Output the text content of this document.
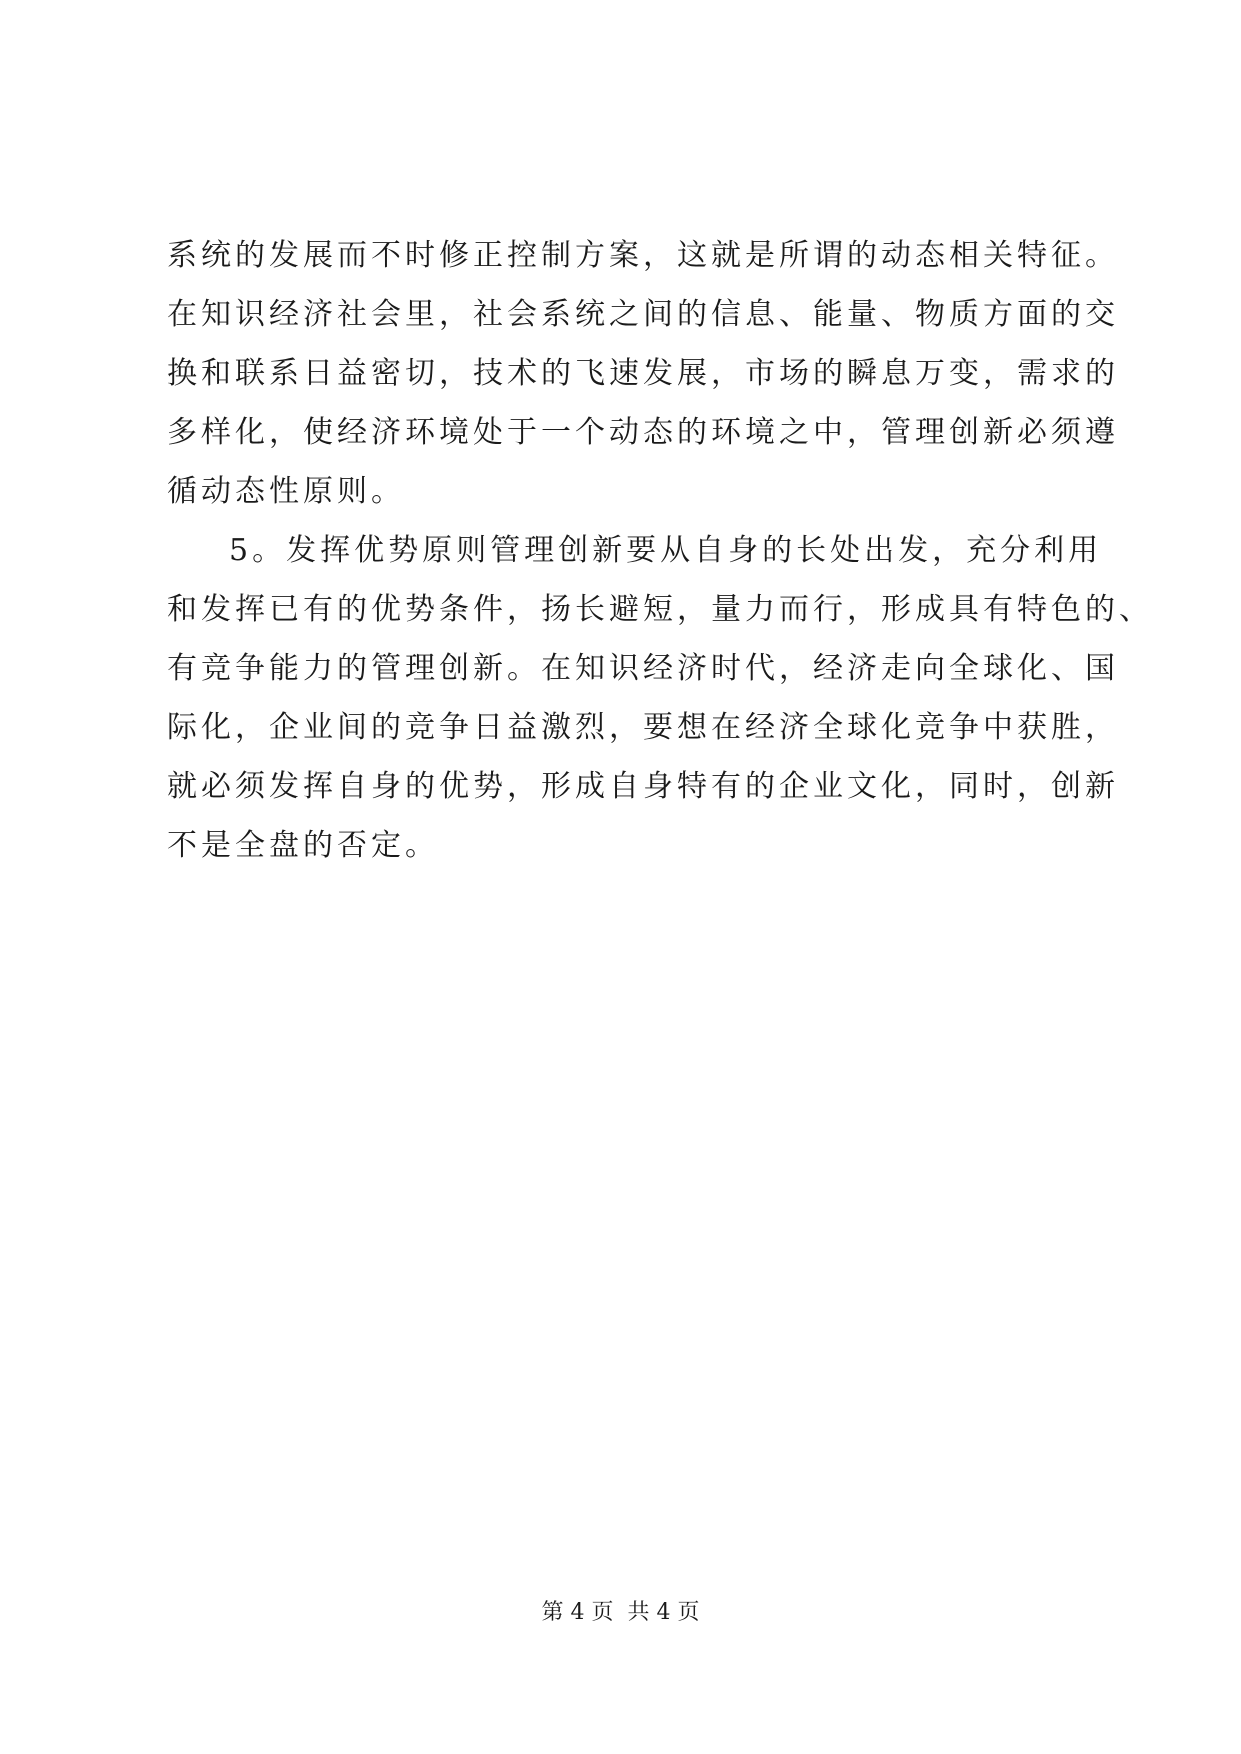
系统的发展而不时修正控制方案，这就是所谓的动态相关特征。
在知识经济社会里，社会系统之间的信息、能量、物质方面的交
换和联系日益密切，技术的飞速发展，市场的瞬息万变，需求的
多样化，使经济环境处于一个动态的环境之中，管理创新必须遵
循动态性原则。
5。发挥优势原则管理创新要从自身的长处出发，充分利用
和发挥已有的优势条件，扬长避短，量力而行，形成具有特色的、
有竞争能力的管理创新。在知识经济时代，经济走向全球化、国
际化，企业间的竞争日益激烈，要想在经济全球化竞争中获胜，
就必须发挥自身的优势，形成自身特有的企业文化，同时，创新
不是全盘的否定。
第 4 页  共 4 页
